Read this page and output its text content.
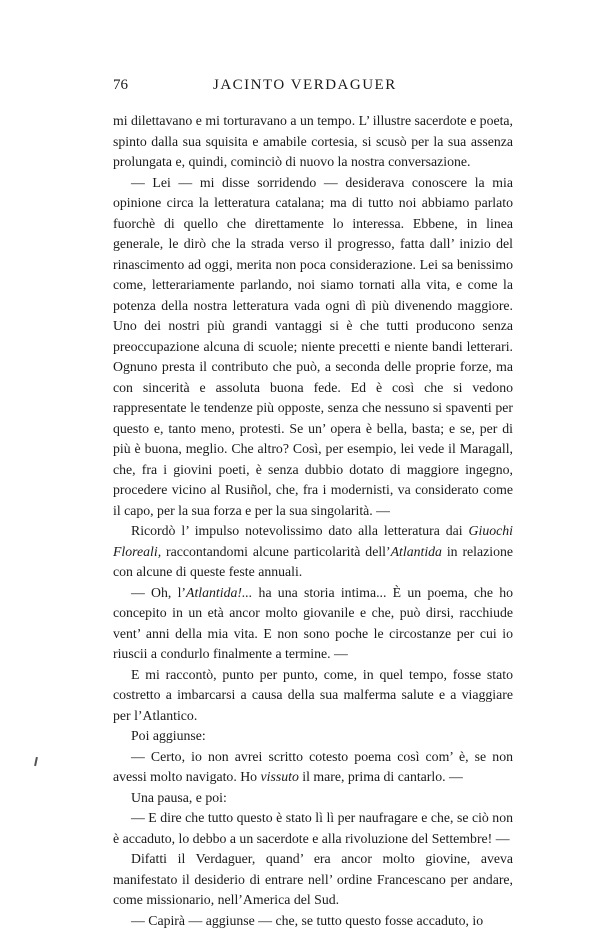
76	JACINTO VERDAGUER

mi dilettavano e mi torturavano a un tempo. L’ illustre sacerdote e poeta, spinto dalla sua squisita e amabile cortesia, si scusò per la sua assenza prolungata e, quindi, cominciò di nuovo la nostra conversazione.

— Lei — mi disse sorridendo — desiderava conoscere la mia opinione circa la letteratura catalana; ma di tutto noi abbiamo parlato fuorchè di quello che direttamente lo interessa. Ebbene, in linea generale, le dirò che la strada verso il progresso, fatta dall’ inizio del rinascimento ad oggi, merita non poca considerazione. Lei sa benissimo come, letterariamente parlando, noi siamo tornati alla vita, e come la potenza della nostra letteratura vada ogni dì più divenendo maggiore. Uno dei nostri più grandi vantaggi si è che tutti producono senza preoccupazione alcuna di scuole; niente precetti e niente bandi letterari. Ognuno presta il contributo che può, a seconda delle proprie forze, ma con sincerità e assoluta buona fede. Ed è così che si vedono rappresentate le tendenze più opposte, senza che nessuno si spaventi per questo e, tanto meno, protesti. Se un’ opera è bella, basta; e se, per di più è buona, meglio. Che altro? Così, per esempio, lei vede il Maragall, che, fra i giovini poeti, è senza dubbio dotato di maggiore ingegno, procedere vicino al Rusiñol, che, fra i modernisti, va considerato come il capo, per la sua forza e per la sua singolarità. —

Ricordò l’ impulso notevolissimo dato alla letteratura dai Giuochi Floreali, raccontandomi alcune particolarità dell’Atlantida in relazione con alcune di queste feste annuali.

— Oh, l’Atlantida!... ha una storia intima... È un poema, che ho concepito in un età ancor molto giovanile e che, può dirsi, racchiude vent’ anni della mia vita. E non sono poche le circostanze per cui io riuscii a condurlo finalmente a termine. —

E mi raccontò, punto per punto, come, in quel tempo, fosse stato costretto a imbarcarsi a causa della sua malferma salute e a viaggiare per l’Atlantico.

Poi aggiunse:

— Certo, io non avrei scritto cotesto poema così com’ è, se non avessi molto navigato. Ho vissuto il mare, prima di cantarlo. —

Una pausa, e poi:

— E dire che tutto questo è stato lì lì per naufragare e che, se ciò non è accaduto, lo debbo a un sacerdote e alla rivoluzione del Settembre! —

Difatti il Verdaguer, quand’ era ancor molto giovine, aveva manifestato il desiderio di entrare nell’ ordine Francescano per andare, come missionario, nell’America del Sud.

— Capirà — aggiunse — che, se tutto questo fosse accaduto, io
